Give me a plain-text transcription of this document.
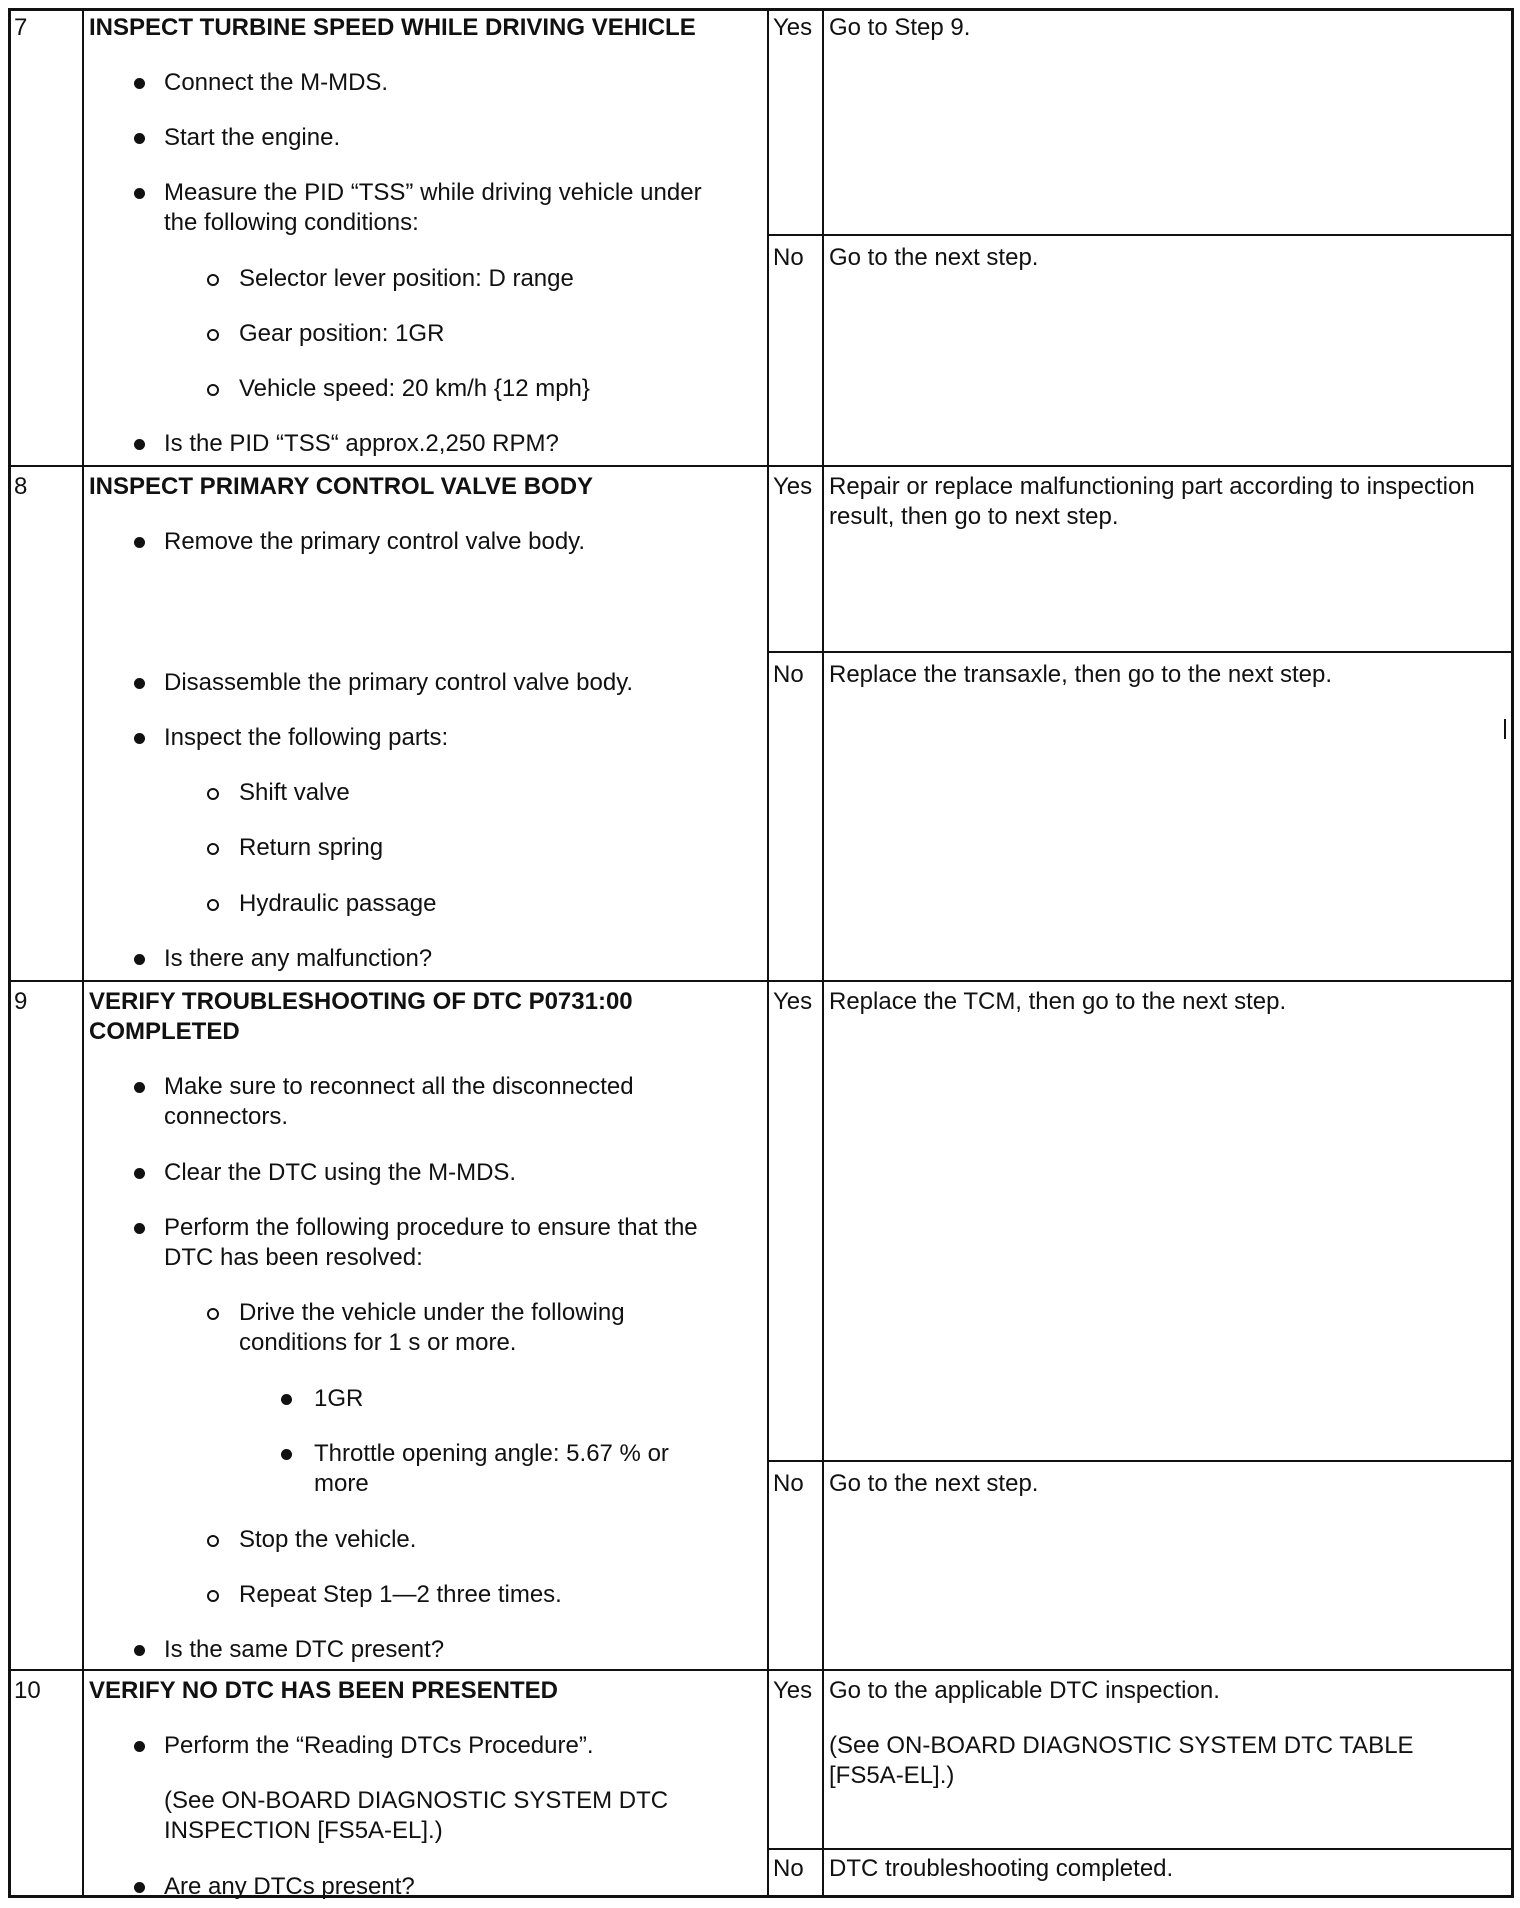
7	INSPECT TURBINE SPEED WHILE DRIVING VEHICLE
Connect the M-MDS.
Start the engine.
Measure the PID “TSS” while driving vehicle under
the following conditions:
Selector lever position: D range
Gear position: 1GR
Vehicle speed: 20 km/h {12 mph}
Is the PID “TSS“ approx.2,250 RPM?
Yes Go to Step 9.
No Go to the next step.
8	INSPECT PRIMARY CONTROL VALVE BODY
Remove the primary control valve body.
Disassemble the primary control valve body.
Inspect the following parts:
Shift valve
Return spring
Hydraulic passage
Is there any malfunction?
Yes Repair or replace malfunctioning part according to inspection
result, then go to next step.
No Replace the transaxle, then go to the next step.
9	VERIFY TROUBLESHOOTING OF DTC P0731:00
COMPLETED
Make sure to reconnect all the disconnected
connectors.
Clear the DTC using the M-MDS.
Perform the following procedure to ensure that the
DTC has been resolved:
Drive the vehicle under the following
conditions for 1 s or more.
1GR
Throttle opening angle: 5.67 % or
more
Stop the vehicle.
Repeat Step 1—2 three times.
Is the same DTC present?
Yes Replace the TCM, then go to the next step.
No Go to the next step.
10 VERIFY NO DTC HAS BEEN PRESENTED
Perform the “Reading DTCs Procedure”.
(See ON-BOARD DIAGNOSTIC SYSTEM DTC
INSPECTION [FS5A-EL].)
Are any DTCs present?
Yes Go to the applicable DTC inspection.
(See ON-BOARD DIAGNOSTIC SYSTEM DTC TABLE
[FS5A-EL].)
No DTC troubleshooting completed.
